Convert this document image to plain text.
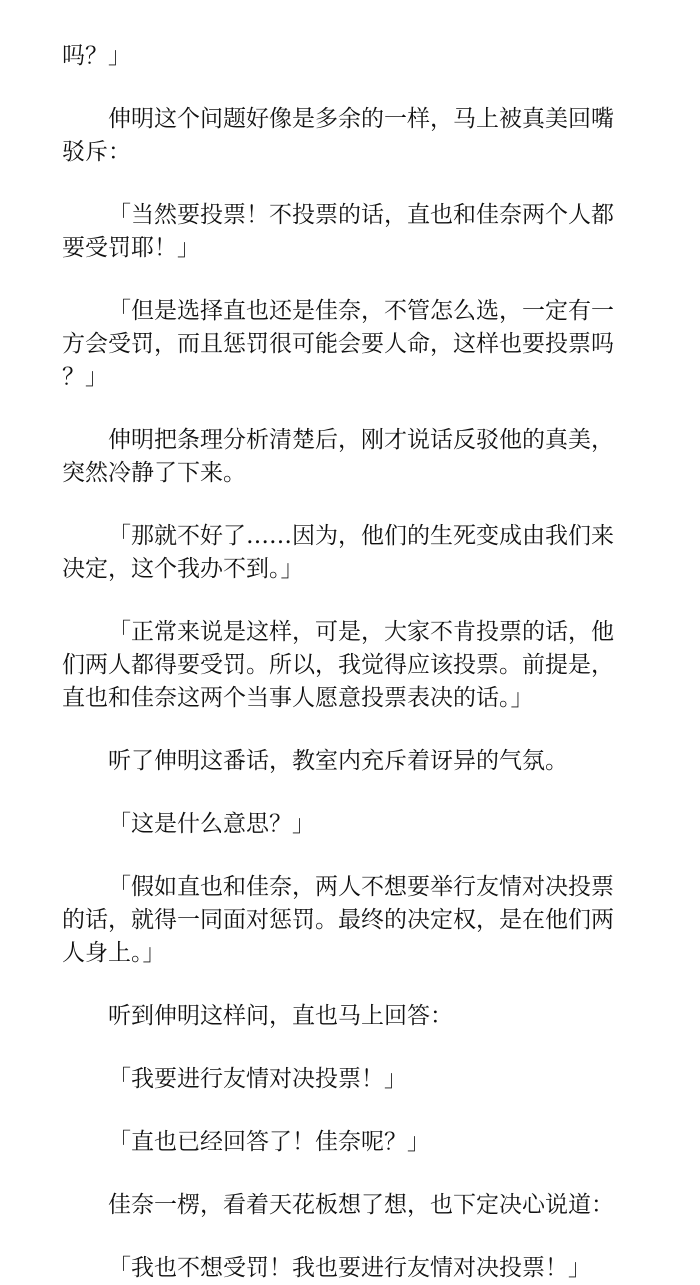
吗？」

伸明这个问题好像是多余的一样，马上被真美回嘴驳斥：

「当然要投票！不投票的话，直也和佳奈两个人都要受罚耶！」

「但是选择直也还是佳奈，不管怎么选，一定有一方会受罚，而且惩罚很可能会要人命，这样也要投票吗？」

伸明把条理分析清楚后，刚才说话反驳他的真美，突然冷静了下来。

「那就不好了……因为，他们的生死变成由我们来决定，这个我办不到。」

「正常来说是这样，可是，大家不肯投票的话，他们两人都得要受罚。所以，我觉得应该投票。前提是，直也和佳奈这两个当事人愿意投票表决的话。」

听了伸明这番话，教室内充斥着讶异的气氛。

「这是什么意思？」

「假如直也和佳奈，两人不想要举行友情对决投票的话，就得一同面对惩罚。最终的决定权，是在他们两人身上。」

听到伸明这样问，直也马上回答：

「我要进行友情对决投票！」

「直也已经回答了！佳奈呢？」

佳奈一楞，看着天花板想了想，也下定决心说道：

「我也不想受罚！我也要进行友情对决投票！」
